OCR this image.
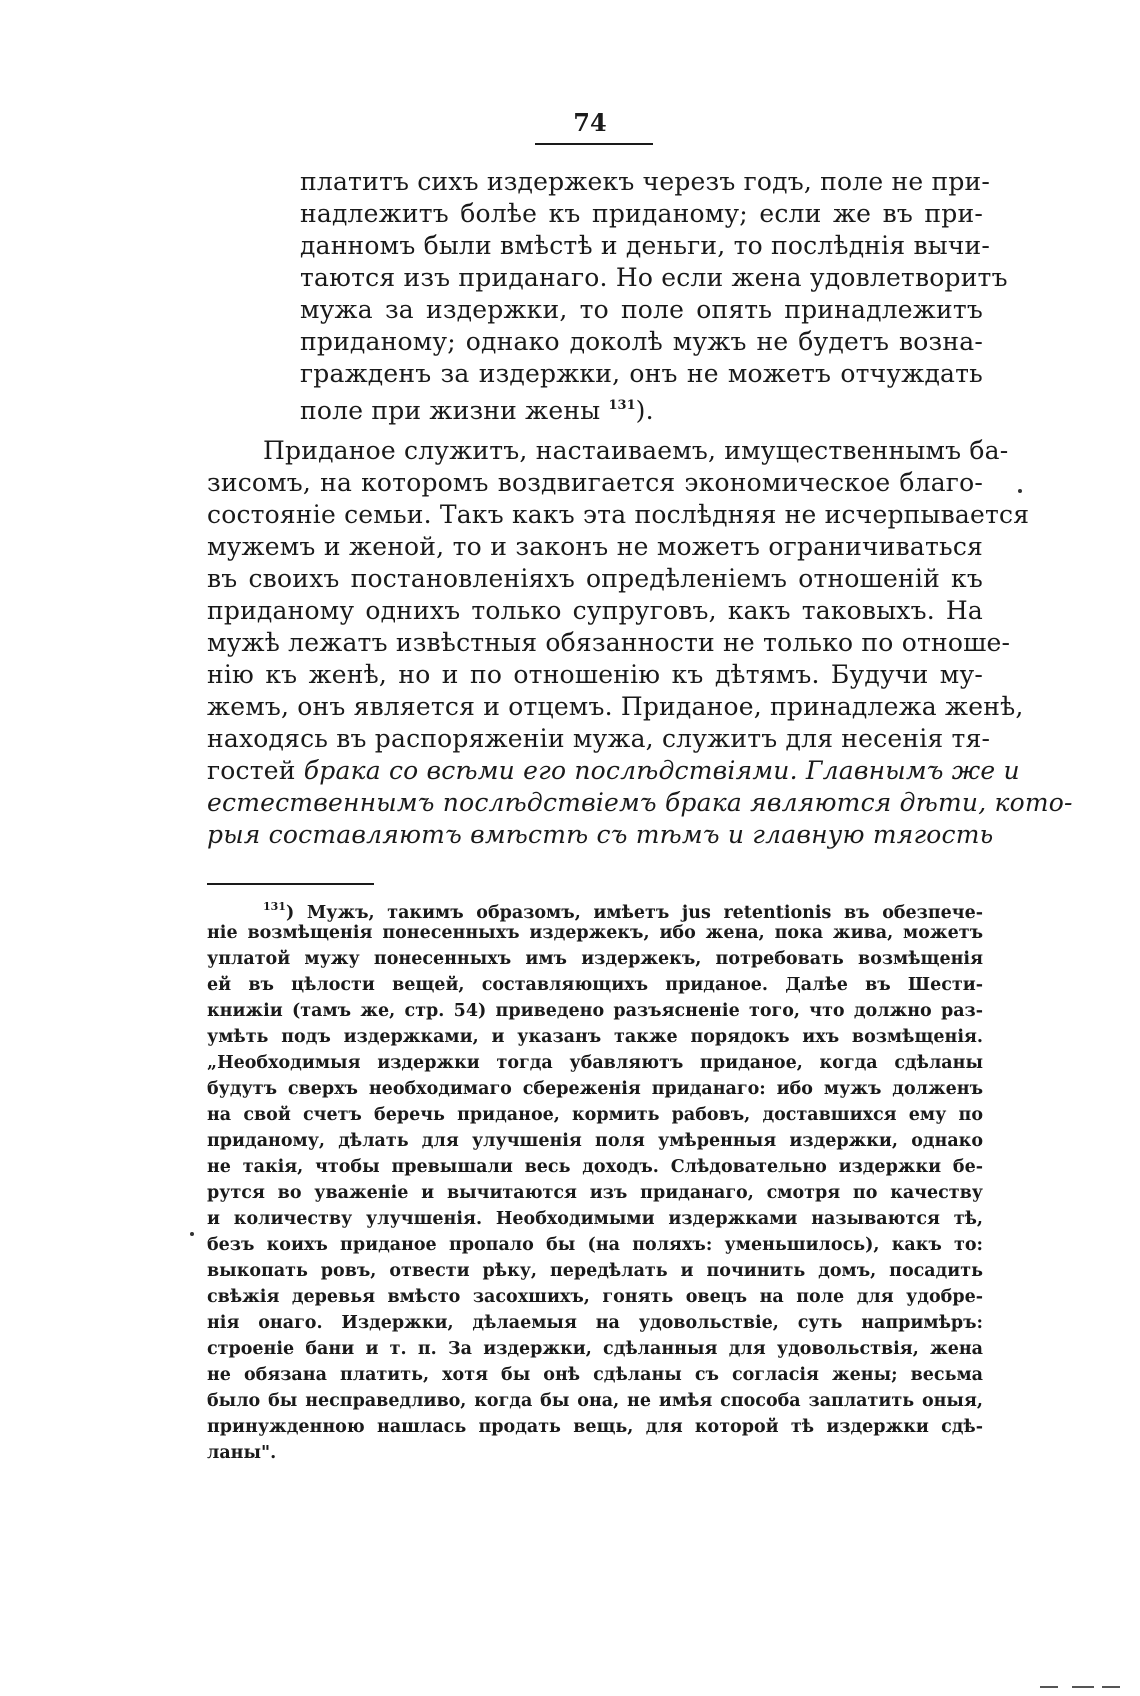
74
платитъ сихъ издержекъ черезъ годъ, поле не при-
надлежитъ болѣе къ приданому; если же въ при-
данномъ были вмѣстѣ и деньги, то послѣднія вычи-
таются изъ приданаго. Но если жена удовлетворитъ
мужа за издержки, то поле опять принадлежитъ
приданому; однако доколѣ мужъ не будетъ возна-
гражденъ за издержки, онъ не можетъ отчуждать
поле при жизни жены $^{131}$).
Приданое служитъ, настаиваемъ, имущественнымъ ба-
зисомъ, на которомъ воздвигается экономическое благо-
состояніе семьи. Такъ какъ эта послѣдняя не исчерпывается
мужемъ и женой, то и законъ не можетъ ограничиваться
въ своихъ постановленіяхъ опредѣленіемъ отношеній къ
приданому однихъ только супруговъ, какъ таковыхъ. На
мужѣ лежатъ извѣстныя обязанности не только по отноше-
нію къ женѣ, но и по отношенію къ дѣтямъ. Будучи му-
жемъ, онъ является и отцемъ. Приданое, принадлежа женѣ,
находясь въ распоряженіи мужа, служитъ для несенія тя-
гостей брака со всѣми его послѣдствіями. Главнымъ же и
естественнымъ послѣдствіемъ брака являются дѣти, кото-
рыя составляютъ вмѣстѣ съ тѣмъ и главную тягость
$^{131}$) Мужъ, такимъ образомъ, имѣетъ jus retentionis въ обезпече-
ніе возмѣщенія понесенныхъ издержекъ, ибо жена, пока жива, можетъ
уплатой мужу понесенныхъ имъ издержекъ, потребовать возмѣщенія
ей въ цѣлости вещей, составляющихъ приданое. Далѣе въ Шести-
книжіи (тамъ же, стр. 54) приведено разъясненіе того, что должно раз-
умѣть подъ издержками, и указанъ также порядокъ ихъ возмѣщенія.
„Необходимыя издержки тогда убавляютъ приданое, когда сдѣланы
будутъ сверхъ необходимаго сбереженія приданаго: ибо мужъ долженъ
на свой счетъ беречь приданое, кормить рабовъ, доставшихся ему по
приданому, дѣлать для улучшенія поля умѣренныя издержки, однако
не такія, чтобы превышали весь доходъ. Слѣдовательно издержки бе-
рутся во уваженіе и вычитаются изъ приданаго, смотря по качеству
и количеству улучшенія. Необходимыми издержками называются тѣ,
безъ коихъ приданое пропало бы (на поляхъ: уменьшилось), какъ то:
выкопать ровъ, отвести рѣку, передѣлать и починить домъ, посадить
свѣжія деревья вмѣсто засохшихъ, гонять овецъ на поле для удобре-
нія онаго. Издержки, дѣлаемыя на удовольствіе, суть напримѣръ:
строеніе бани и т. п. За издержки, сдѣланныя для удовольствія, жена
не обязана платить, хотя бы онѣ сдѣланы съ согласія жены; весьма
было бы несправедливо, когда бы она, не имѣя способа заплатить оныя,
принужденною нашлась продать вещь, для которой тѣ издержки сдѣ-
ланы".
